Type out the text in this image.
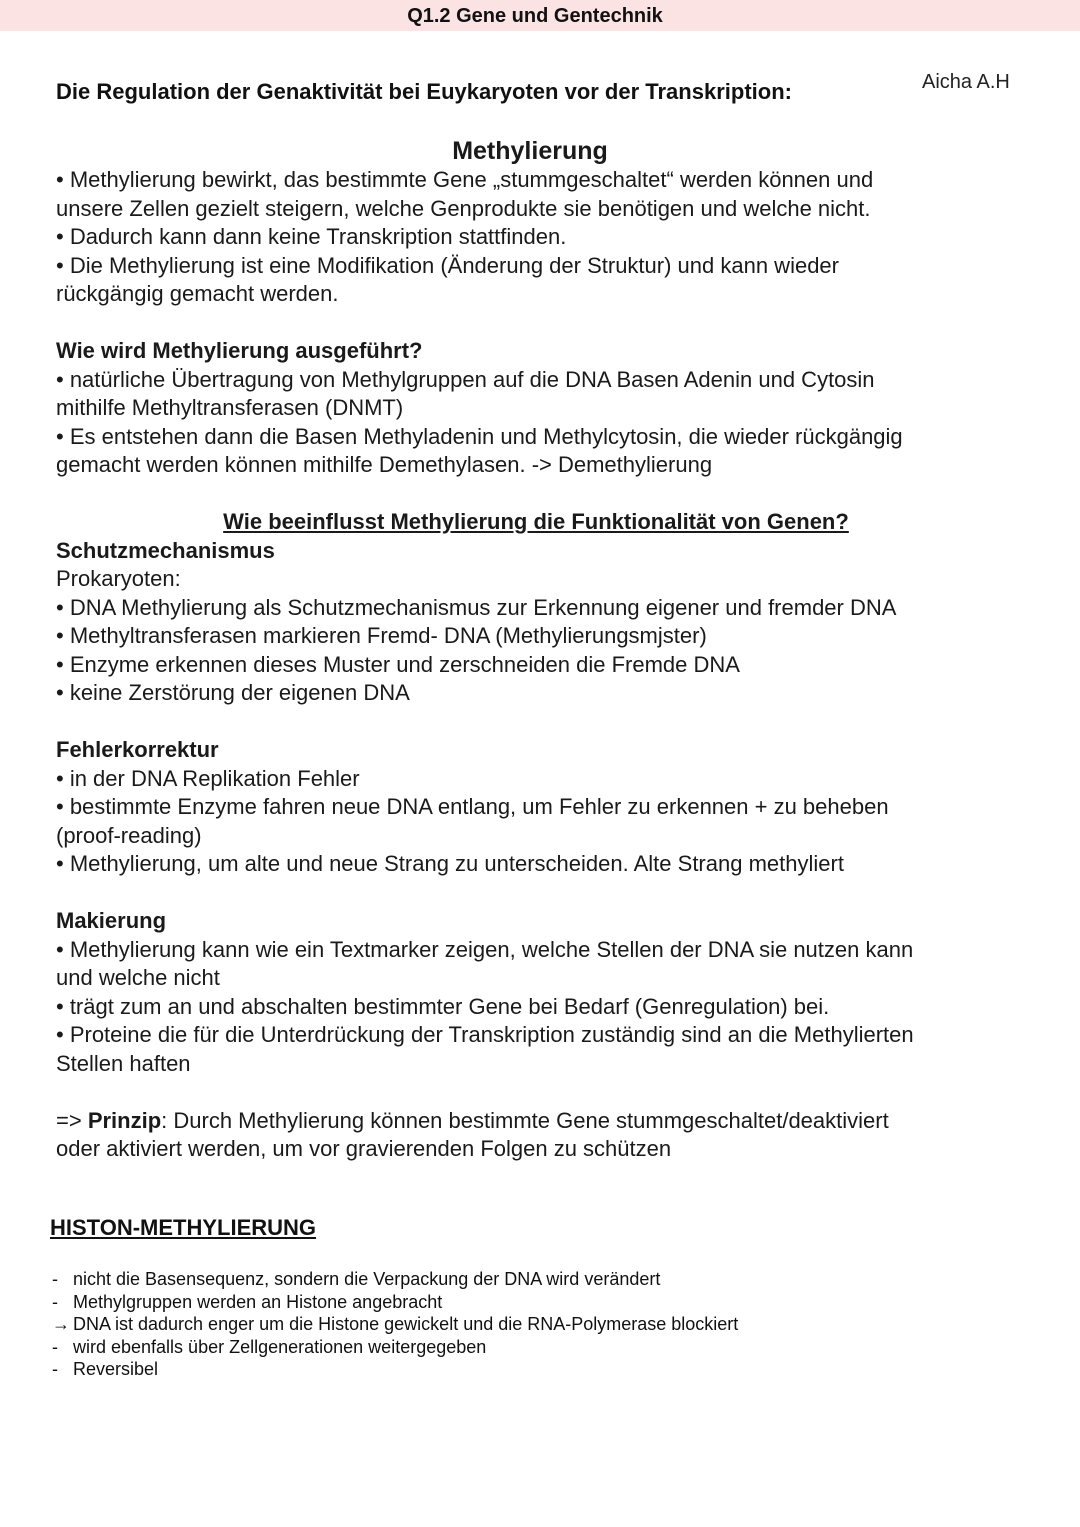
Q1.2 Gene und Gentechnik
Aicha A.H
Die Regulation der Genaktivität bei Euykaryoten vor der Transkription:

Methylierung

• Methylierung bewirkt, das bestimmte Gene „stummgeschaltet“ werden können und

unsere Zellen gezielt steigern, welche Genprodukte sie benötigen und welche nicht.

• Dadurch kann dann keine Transkription stattfinden.

• Die Methylierung ist eine Modifikation (Änderung der Struktur) und kann wieder

rückgängig gemacht werden.

Wie wird Methylierung ausgeführt?

• natürliche Übertragung von Methylgruppen auf die DNA Basen Adenin und Cytosin

mithilfe Methyltransferasen (DNMT)

• Es entstehen dann die Basen Methyladenin und Methylcytosin, die wieder rückgängig

gemacht werden können mithilfe Demethylasen. -> Demethylierung

Wie beeinflusst Methylierung die Funktionalität von Genen?

Schutzmechanismus

Prokaryoten:

• DNA Methylierung als Schutzmechanismus zur Erkennung eigener und fremder DNA

• Methyltransferasen markieren Fremd- DNA (Methylierungsmjster)

• Enzyme erkennen dieses Muster und zerschneiden die Fremde DNA

• keine Zerstörung der eigenen DNA

Fehlerkorrektur

• in der DNA Replikation Fehler

• bestimmte Enzyme fahren neue DNA entlang, um Fehler zu erkennen + zu beheben

(proof-reading)

• Methylierung, um alte und neue Strang zu unterscheiden. Alte Strang methyliert

Makierung

• Methylierung kann wie ein Textmarker zeigen, welche Stellen der DNA sie nutzen kann

und welche nicht

• trägt zum an und abschalten bestimmter Gene bei Bedarf (Genregulation) bei.

• Proteine die für die Unterdrückung der Transkription zuständig sind an die Methylierten

Stellen haften

=> Prinzip: Durch Methylierung können bestimmte Gene stummgeschaltet/deaktiviert

oder aktiviert werden, um vor gravierenden Folgen zu schützen

HISTON-METHYLIERUNG

- nicht die Basensequenz, sondern die Verpackung der DNA wird verändert
- Methylgruppen werden an Histone angebracht
→ DNA ist dadurch enger um die Histone gewickelt und die RNA-Polymerase blockiert
- wird ebenfalls über Zellgenerationen weitergegeben
- Reversibel
